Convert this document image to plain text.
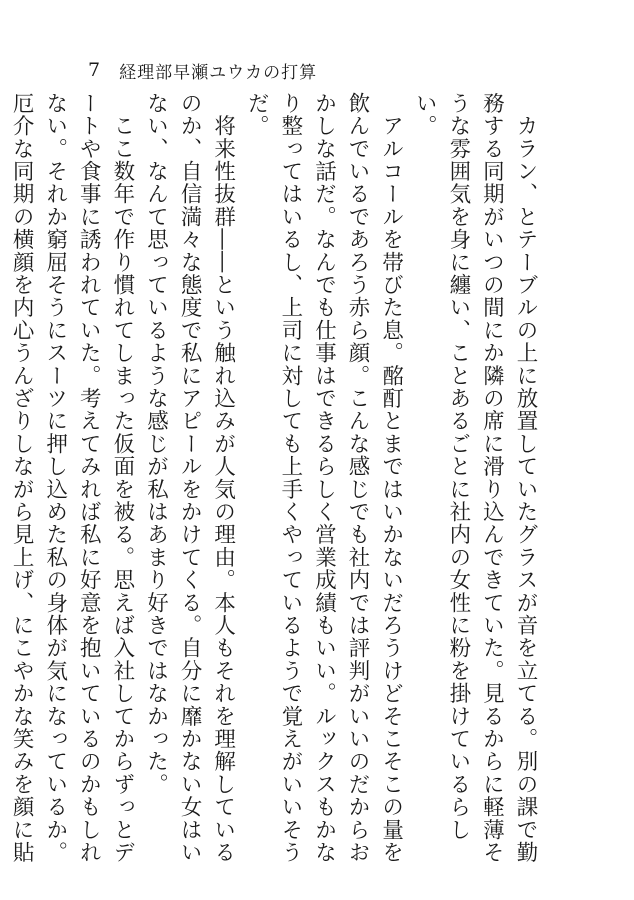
7 経理部早瀬ユウカの打算

　カラン、とテーブルの上に放置していたグラスが音を立てる。別の課で勤務する同期がいつの間にか隣の席に滑り込んできていた。見るからに軽薄そうな雰囲気を身に纏い、ことあるごとに社内の女性に粉を掛けているらしい。

　アルコールを帯びた息。酩酊とまではいかないだろうけどそこそこの量を飲んでいるであろう赤ら顔。こんな感じでも社内では評判がいいのだからおかしな話だ。なんでも仕事はできるらしく営業成績もいい。ルックスもかなり整ってはいるし、上司に対しても上手くやっているようで覚えがいいそうだ。

　将来性抜群――という触れ込みが人気の理由。本人もそれを理解しているのか、自信満々な態度で私にアピールをかけてくる。自分に靡かない女はいない、なんて思っているような感じが私はあまり好きではなかった。

　ここ数年で作り慣れてしまった仮面を被る。思えば入社してからずっとデートや食事に誘われていた。考えてみれば私に好意を抱いているのかもしれない。それか窮屈そうにスーツに押し込めた私の身体が気になっているか。厄介な同期の横顔を内心うんざりしながら見上げ、にこやかな笑みを顔に貼
